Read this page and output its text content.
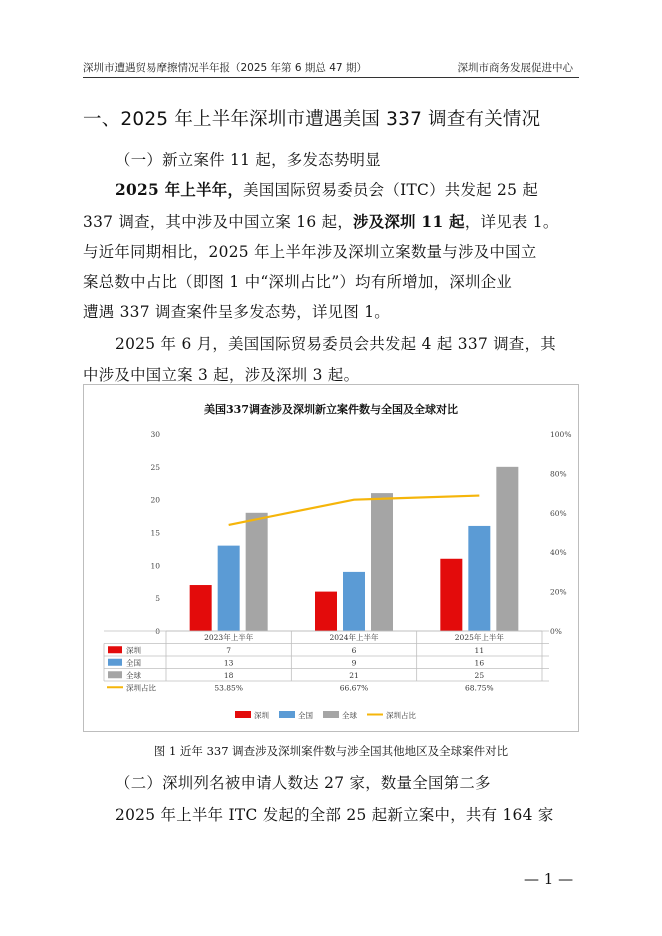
深圳市遭遇贸易摩擦情况半年报（2025 年第 6 期总 47 期）	深圳市商务发展促进中心
一、2025 年上半年深圳市遭遇美国 337 调查有关情况
（一）新立案件 11 起，多发态势明显
2025 年上半年，美国国际贸易委员会（ITC）共发起 25 起
337 调查，其中涉及中国立案 16 起，涉及深圳 11 起，详见表 1。
与近年同期相比，2025 年上半年涉及深圳立案数量与涉及中国立
案总数中占比（即图 1 中“深圳占比”）均有所增加，深圳企业
遭遇 337 调查案件呈多发态势，详见图 1。
2025 年 6 月，美国国际贸易委员会共发起 4 起 337 调查，其
中涉及中国立案 3 起，涉及深圳 3 起。
美国337调查涉及深圳新立案件数与全国及全球对比
0
5
10
15
20
25
30
0%
20%
40%
60%
80%
100%
2023年上半年	2024年上半年	2025年上半年
深圳	7	6	11
全国	13	9	16
全球	18	21	25
深圳占比	53.85%	66.67%	68.75%
深圳	全国	全球	深圳占比
图 1 近年 337 调查涉及深圳案件数与涉全国其他地区及全球案件对比
（二）深圳列名被申请人数达 27 家，数量全国第二多
2025 年上半年 ITC 发起的全部 25 起新立案中，共有 164 家
— 1 —
